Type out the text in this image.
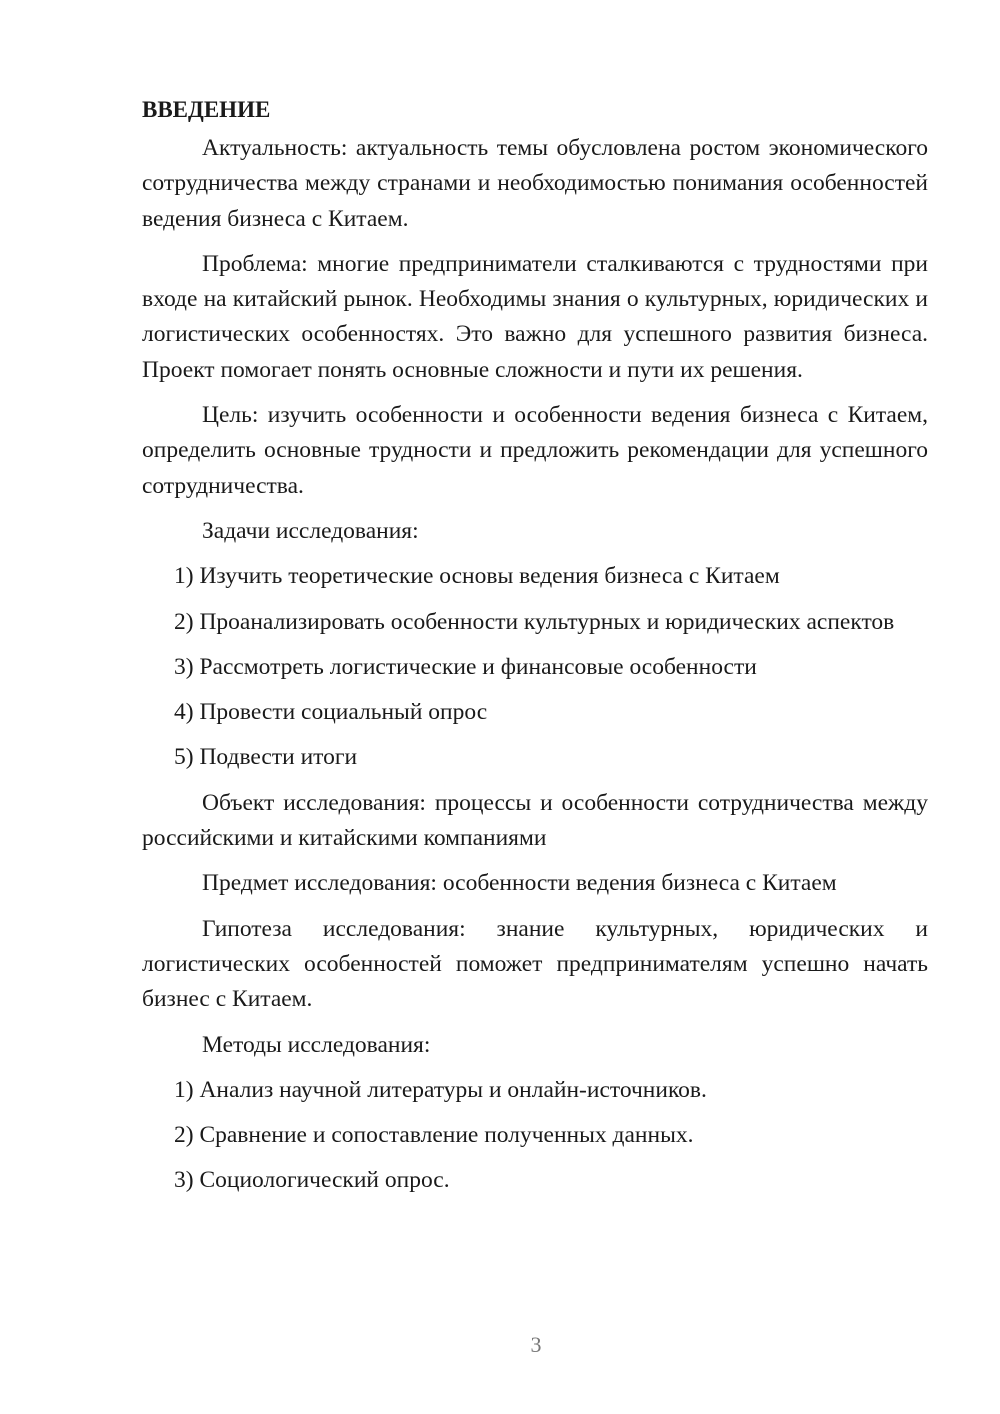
ВВЕДЕНИЕ

Актуальность: актуальность темы обусловлена ростом экономического сотрудничества между странами и необходимостью понимания особенностей ведения бизнеса с Китаем.

Проблема: многие предприниматели сталкиваются с трудностями при входе на китайский рынок. Необходимы знания о культурных, юридических и логистических особенностях. Это важно для успешного развития бизнеса. Проект помогает понять основные сложности и пути их решения.

Цель: изучить особенности и особенности ведения бизнеса с Китаем, определить основные трудности и предложить рекомендации для успешного сотрудничества.

Задачи исследования:

1) Изучить теоретические основы ведения бизнеса с Китаем

2) Проанализировать особенности культурных и юридических аспектов

3) Рассмотреть логистические и финансовые особенности

4) Провести социальный опрос

5) Подвести итоги

Объект исследования: процессы и особенности сотрудничества между российскими и китайскими компаниями

Предмет исследования: особенности ведения бизнеса с Китаем

Гипотеза исследования: знание культурных, юридических и логистических особенностей поможет предпринимателям успешно начать бизнес с Китаем.

Методы исследования:

1) Анализ научной литературы и онлайн-источников.

2) Сравнение и сопоставление полученных данных.

3) Социологический опрос.

3
